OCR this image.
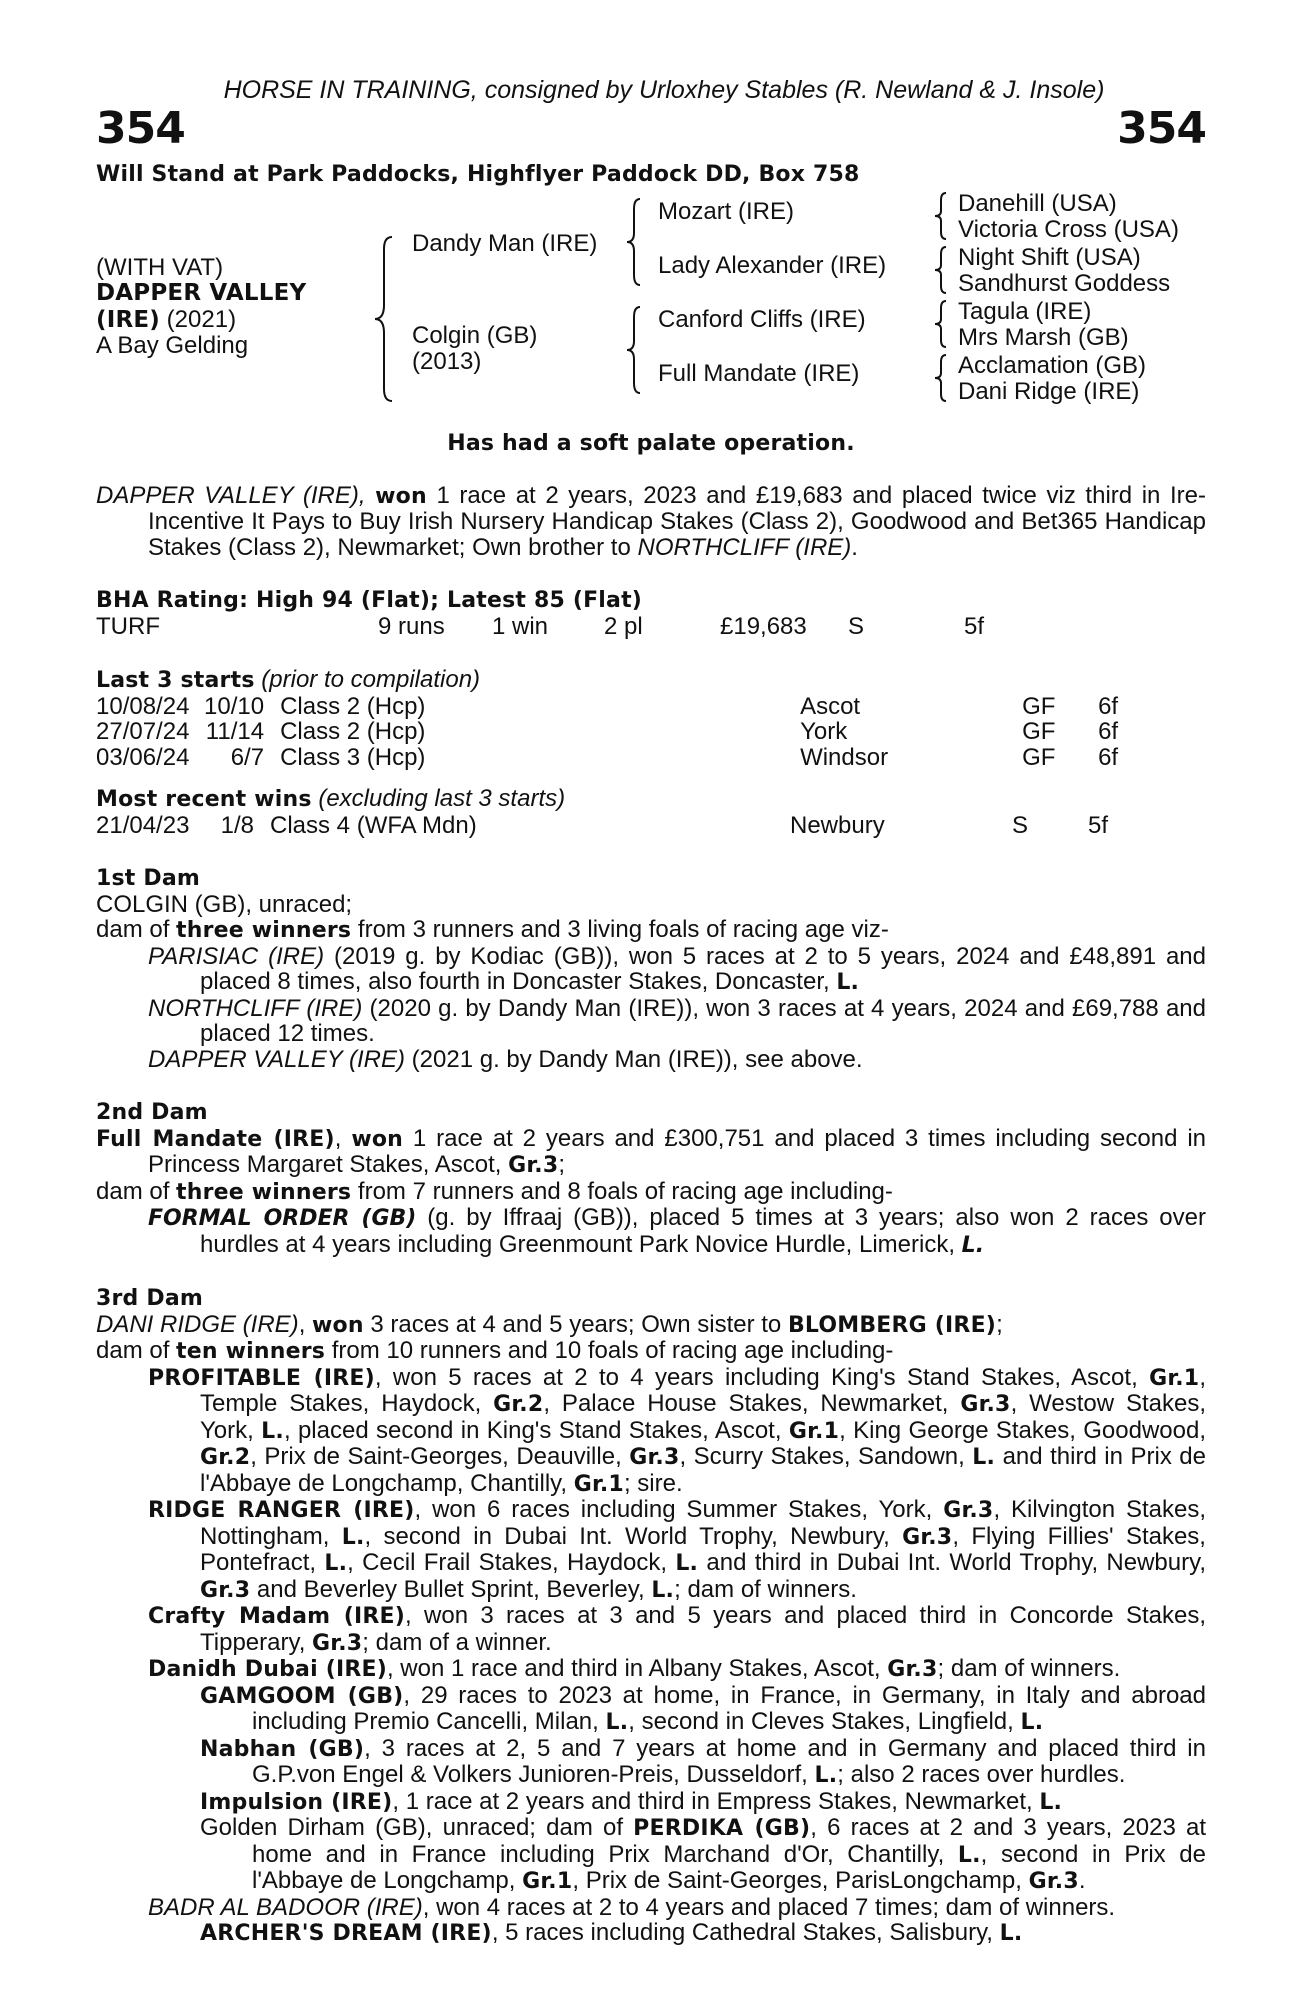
HORSE IN TRAINING, consigned by Urloxhey Stables (R. Newland & J. Insole)
354	354
Will Stand at Park Paddocks, Highflyer Paddock DD, Box 758
(WITH VAT)
DAPPER VALLEY
(IRE) (2021)
A Bay Gelding
Dandy Man (IRE)
Colgin (GB)
(2013)
Mozart (IRE)
Lady Alexander (IRE)
Canford Cliffs (IRE)
Full Mandate (IRE)
Danehill (USA)
Victoria Cross (USA)
Night Shift (USA)
Sandhurst Goddess
Tagula (IRE)
Mrs Marsh (GB)
Acclamation (GB)
Dani Ridge (IRE)
Has had a soft palate operation.

DAPPER VALLEY (IRE), won 1 race at 2 years, 2023 and £19,683 and placed twice viz third in Ire-Incentive It Pays to Buy Irish Nursery Handicap Stakes (Class 2), Goodwood and Bet365 Handicap Stakes (Class 2), Newmarket; Own brother to NORTHCLIFF (IRE).

BHA Rating: High 94 (Flat); Latest 85 (Flat)
TURF	9 runs	1 win	2 pl	£19,683	S	5f
Last 3 starts (prior to compilation)
10/08/24	10/10	Class 2 (Hcp)	Ascot	GF	6f
27/07/24	11/14	Class 2 (Hcp)	York	GF	6f
03/06/24	6/7	Class 3 (Hcp)	Windsor	GF	6f
Most recent wins (excluding last 3 starts)
21/04/23	1/8	Class 4 (WFA Mdn)	Newbury	S	5f
1st Dam

COLGIN (GB), unraced;

dam of three winners from 3 runners and 3 living foals of racing age viz-

PARISIAC (IRE) (2019 g. by Kodiac (GB)), won 5 races at 2 to 5 years, 2024 and £48,891 and placed 8 times, also fourth in Doncaster Stakes, Doncaster, L.

NORTHCLIFF (IRE) (2020 g. by Dandy Man (IRE)), won 3 races at 4 years, 2024 and £69,788 and placed 12 times.

DAPPER VALLEY (IRE) (2021 g. by Dandy Man (IRE)), see above.

2nd Dam

Full Mandate (IRE), won 1 race at 2 years and £300,751 and placed 3 times including second in Princess Margaret Stakes, Ascot, Gr.3;

dam of three winners from 7 runners and 8 foals of racing age including-

FORMAL ORDER (GB) (g. by Iffraaj (GB)), placed 5 times at 3 years; also won 2 races over hurdles at 4 years including Greenmount Park Novice Hurdle, Limerick, L.

3rd Dam

DANI RIDGE (IRE), won 3 races at 4 and 5 years; Own sister to BLOMBERG (IRE);

dam of ten winners from 10 runners and 10 foals of racing age including-

PROFITABLE (IRE), won 5 races at 2 to 4 years including King's Stand Stakes, Ascot, Gr.1, Temple Stakes, Haydock, Gr.2, Palace House Stakes, Newmarket, Gr.3, Westow Stakes, York, L., placed second in King's Stand Stakes, Ascot, Gr.1, King George Stakes, Goodwood, Gr.2, Prix de Saint-Georges, Deauville, Gr.3, Scurry Stakes, Sandown, L. and third in Prix de l'Abbaye de Longchamp, Chantilly, Gr.1; sire.

RIDGE RANGER (IRE), won 6 races including Summer Stakes, York, Gr.3, Kilvington Stakes, Nottingham, L., second in Dubai Int. World Trophy, Newbury, Gr.3, Flying Fillies' Stakes, Pontefract, L., Cecil Frail Stakes, Haydock, L. and third in Dubai Int. World Trophy, Newbury, Gr.3 and Beverley Bullet Sprint, Beverley, L.; dam of winners.

Crafty Madam (IRE), won 3 races at 3 and 5 years and placed third in Concorde Stakes, Tipperary, Gr.3; dam of a winner.

Danidh Dubai (IRE), won 1 race and third in Albany Stakes, Ascot, Gr.3; dam of winners.

GAMGOOM (GB), 29 races to 2023 at home, in France, in Germany, in Italy and abroad including Premio Cancelli, Milan, L., second in Cleves Stakes, Lingfield, L.

Nabhan (GB), 3 races at 2, 5 and 7 years at home and in Germany and placed third in G.P.von Engel & Volkers Junioren-Preis, Dusseldorf, L.; also 2 races over hurdles.

Impulsion (IRE), 1 race at 2 years and third in Empress Stakes, Newmarket, L.

Golden Dirham (GB), unraced; dam of PERDIKA (GB), 6 races at 2 and 3 years, 2023 at home and in France including Prix Marchand d'Or, Chantilly, L., second in Prix de l'Abbaye de Longchamp, Gr.1, Prix de Saint-Georges, ParisLongchamp, Gr.3.

BADR AL BADOOR (IRE), won 4 races at 2 to 4 years and placed 7 times; dam of winners.

ARCHER'S DREAM (IRE), 5 races including Cathedral Stakes, Salisbury, L.
